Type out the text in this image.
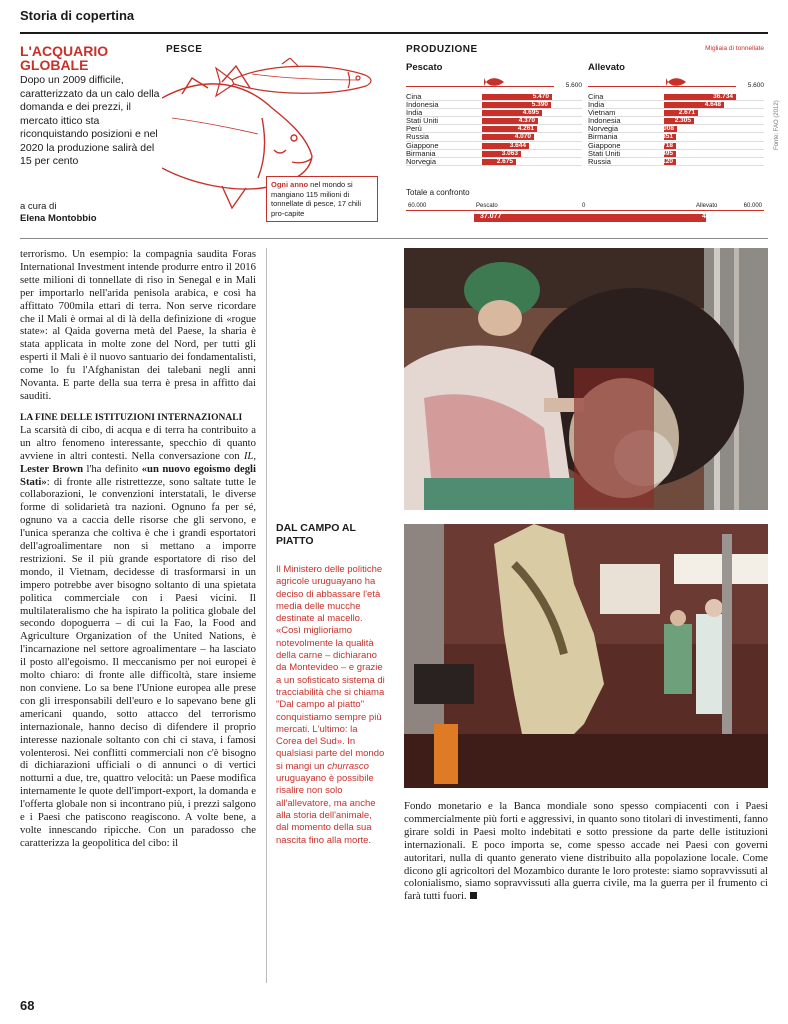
Storia di copertina
L'ACQUARIO GLOBALE
Dopo un 2009 difficile, caratterizzato da un calo della domanda e dei prezzi, il mercato ittico sta riconquistando posizioni e nel 2020 la produzione salirà del 15 per cento
a cura di
Elena Montobbio
PESCE
Ogni anno nel mondo si mangiano 115 milioni di tonnellate di pesce, 17 chili pro-capite
PRODUZIONE	Migliaia di tonnellate
Pescato
5.600
Cina	5.470
Indonesia	5.390
India	4.695
Stati Uniti	4.370
Perù	4.261
Russia	4.070
Giappone	3.644
Birmania	3.063
Norvegia	2.675
Allevato
5.600
Cina	36.734
India	4.648
Vietnam	2.671
Indonesia	2.305
Norvegia	1.008
Birmania	851
Giappone	718
Stati Uniti	495
Russia	120
Totale a confronto
60.000	Pescato	0	Allevato	60.000
37.077	40.658
Fonte: FAO (2012)

terrorismo. Un esempio: la compagnia saudita Foras International Investment intende produrre entro il 2016 sette milioni di tonnellate di riso in Senegal e in Mali per importarlo nell'arida penisola arabica, e così ha affittato 700mila ettari di terra. Non serve ricordare che il Mali è ormai al di là della definizione di «rogue state»: al Qaida governa metà del Paese, la sharia è stata applicata in molte zone del Nord, per tutti gli esperti il Mali è il nuovo santuario dei fondamentalisti, come lo fu l'Afghanistan dei talebani negli anni Novanta. E parte della sua terra è presa in affitto dai sauditi.

LA FINE DELLE ISTITUZIONI INTERNAZIONALI

La scarsità di cibo, di acqua e di terra ha contribuito a un altro fenomeno interessante, specchio di quanto avviene in altri contesti. Nella conversazione con IL, Lester Brown l'ha definito «un nuovo egoismo degli Stati»: di fronte alle ristrettezze, sono saltate tutte le collaborazioni, le convenzioni interstatali, le diverse forme di solidarietà tra nazioni. Ognuno fa per sé, ognuno va a caccia delle risorse che gli servono, e l'unica speranza che coltiva è che i grandi esportatori dell'agroalimentare non si mettano a imporre restrizioni. Se il più grande esportatore di riso del mondo, il Vietnam, decidesse di trasformarsi in un impero potrebbe aver bisogno soltanto di una spietata politica commerciale con i Paesi vicini. Il multilateralismo che ha ispirato la politica globale del secondo dopoguerra – di cui la Fao, la Food and Agriculture Organization of the United Nations, è l'incarnazione nel settore agroalimentare – ha lasciato il posto all'egoismo. Il meccanismo per noi europei è molto chiaro: di fronte alle difficoltà, stare insieme non conviene. Lo sa bene l'Unione europea alle prese con gli irresponsabili dell'euro e lo sapevano bene gli americani quando, sotto attacco del terrorismo internazionale, hanno deciso di difendere il proprio interesse nazionale soltanto con chi ci stava, i famosi volenterosi. Nei conflitti commerciali non c'è bisogno di dichiarazioni ufficiali o di annunci o di vertici notturni a due, tre, quattro velocità: un Paese modifica internamente le quote dell'import-export, la domanda e l'offerta globale non si incontrano più, i prezzi salgono e i Paesi che patiscono reagiscono. A volte bene, a volte innescando ripicche. Con un paradosso che caratterizza la geopolitica del cibo: il

DAL CAMPO AL PIATTO
Il Ministero delle politiche agricole uruguayano ha deciso di abbassare l'età media delle mucche destinate al macello. «Così miglioriamo notevolmente la qualità della carne – dichiarano da Montevideo – e grazie a un sofisticato sistema di tracciabilità che si chiama "Dal campo al piatto" conquistiamo sempre più mercati. L'ultimo: la Corea del Sud». In qualsiasi parte del mondo si mangi un churrasco uruguayano è possibile risalire non solo all'allevatore, ma anche alla storia dell'animale, dal momento della sua nascita fino alla morte.

Fondo monetario e la Banca mondiale sono spesso compiacenti con i Paesi commercialmente più forti e aggressivi, in quanto sono titolari di investimenti, fanno girare soldi in Paesi molto indebitati e sotto pressione da parte delle istituzioni internazionali. E poco importa se, come spesso accade nei Paesi con governi autoritari, nulla di quanto generato viene distribuito alla popolazione locale. Come dicono gli agricoltori del Mozambico durante le loro proteste: siamo sopravvissuti al colonialismo, siamo sopravvissuti alla guerra civile, ma la guerra per il frumento ci farà tutti fuori.

68
